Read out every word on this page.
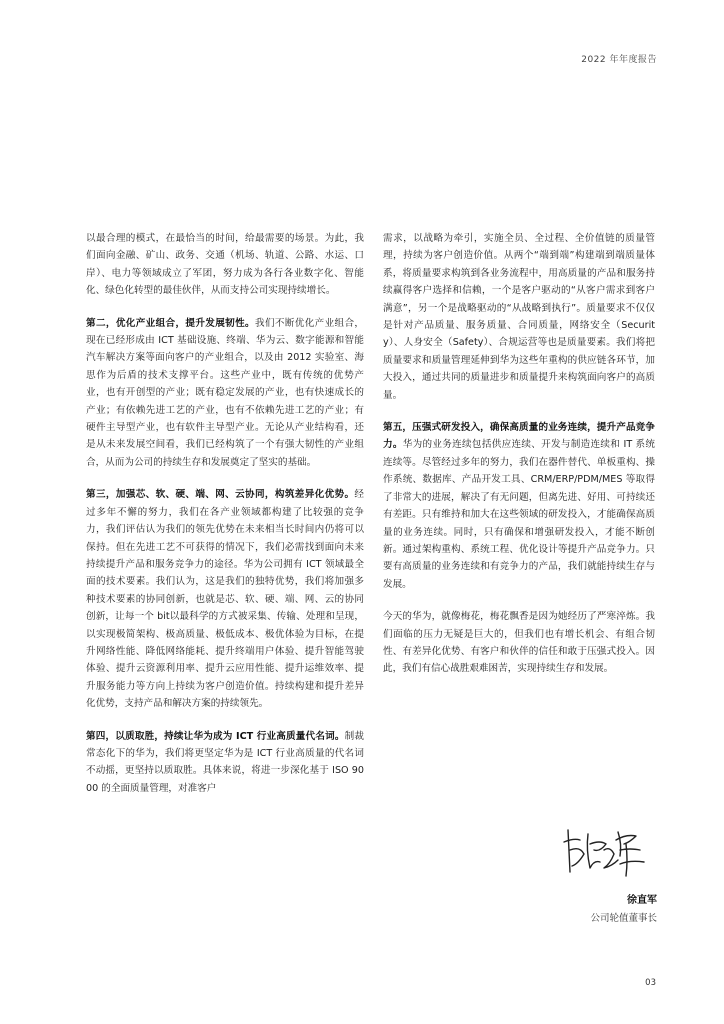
2022 年年度报告

以最合理的模式，在最恰当的时间，给最需要的场景。为此，我们面向金融、矿山、政务、交通（机场、轨道、公路、水运、口岸）、电力等领域成立了军团，努力成为各行各业数字化、智能化、绿色化转型的最佳伙伴，从而支持公司实现持续增长。

第二，优化产业组合，提升发展韧性。我们不断优化产业组合，现在已经形成由 ICT 基础设施、终端、华为云、数字能源和智能汽车解决方案等面向客户的产业组合，以及由 2012 实验室、海思作为后盾的技术支撑平台。这些产业中，既有传统的优势产业，也有开创型的产业；既有稳定发展的产业，也有快速成长的产业；有依赖先进工艺的产业，也有不依赖先进工艺的产业；有硬件主导型产业，也有软件主导型产业。无论从产业结构看，还是从未来发展空间看，我们已经构筑了一个有强大韧性的产业组合，从而为公司的持续生存和发展奠定了坚实的基础。

第三，加强芯、软、硬、端、网、云协同，构筑差异化优势。经过多年不懈的努力，我们在各产业领域都构建了比较强的竞争力，我们评估认为我们的领先优势在未来相当长时间内仍将可以保持。但在先进工艺不可获得的情况下，我们必需找到面向未来持续提升产品和服务竞争力的途径。华为公司拥有 ICT 领域最全面的技术要素。我们认为，这是我们的独特优势，我们将加强多种技术要素的协同创新，也就是芯、软、硬、端、网、云的协同创新，让每一个 bit以最科学的方式被采集、传输、处理和呈现，以实现极简架构、极高质量、极低成本、极优体验为目标，在提升网络性能、降低网络能耗、提升终端用户体验、提升智能驾驶体验、提升云资源利用率、提升云应用性能、提升运维效率、提升服务能力等方向上持续为客户创造价值。持续构建和提升差异化优势，支持产品和解决方案的持续领先。

第四，以质取胜，持续让华为成为 ICT 行业高质量代名词。制裁常态化下的华为，我们将更坚定华为是 ICT 行业高质量的代名词不动摇，更坚持以质取胜。具体来说，将进一步深化基于 ISO 9000 的全面质量管理，对准客户

需求，以战略为牵引，实施全员、全过程、全价值链的质量管理，持续为客户创造价值。从两个“端到端”构建端到端质量体系，将质量要求构筑到各业务流程中，用高质量的产品和服务持续赢得客户选择和信赖，一个是客户驱动的“从客户需求到客户满意”，另一个是战略驱动的“从战略到执行”。质量要求不仅仅是针对产品质量、服务质量、合同质量，网络安全（Security）、人身安全（Safety）、合规运营等也是质量要素。我们将把质量要求和质量管理延伸到华为这些年重构的供应链各环节，加大投入，通过共同的质量进步和质量提升来构筑面向客户的高质量。

第五，压强式研发投入，确保高质量的业务连续，提升产品竞争力。华为的业务连续包括供应连续、开发与制造连续和 IT 系统连续等。尽管经过多年的努力，我们在器件替代、单板重构、操作系统、数据库、产品开发工具、CRM/ERP/PDM/MES 等取得了非常大的进展，解决了有无问题，但离先进、好用、可持续还有差距。只有维持和加大在这些领域的研发投入，才能确保高质量的业务连续。同时，只有确保和增强研发投入，才能不断创新。通过架构重构、系统工程、优化设计等提升产品竞争力。只要有高质量的业务连续和有竞争力的产品，我们就能持续生存与发展。

今天的华为，就像梅花，梅花飘香是因为她经历了严寒淬炼。我们面临的压力无疑是巨大的，但我们也有增长机会、有组合韧性、有差异化优势、有客户和伙伴的信任和敢于压强式投入。因此，我们有信心战胜艰难困苦，实现持续生存和发展。

徐直军
公司轮值董事长
03
